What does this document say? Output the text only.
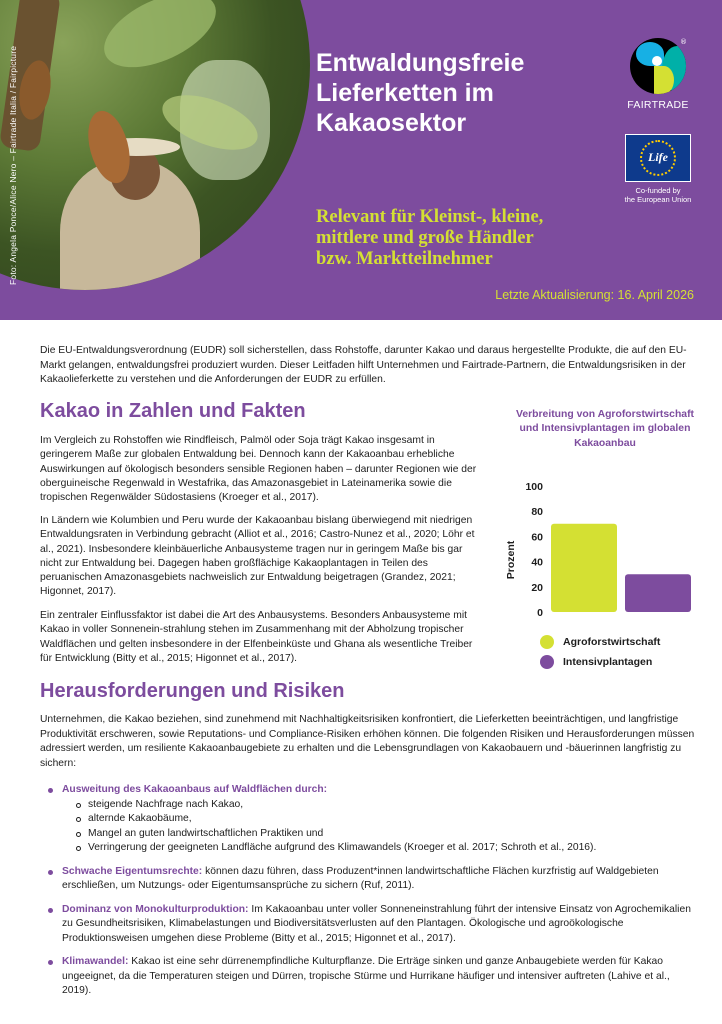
Foto: Angela Ponce/Alice Nero – Fairtrade Italia / Fairpicture	Entwaldungsfreie
Lieferketten im
Kakaosektor
Relevant für Kleinst-, kleine,
mittlere und große Händler
bzw. Marktteilnehmer
Letzte Aktualisierung: 16. April 2026
FAIRTRADE
®
Life
Co-funded by
the European Union

Die EU-Entwaldungsverordnung (EUDR) soll sicherstellen, dass Rohstoffe, darunter Kakao und daraus hergestellte Produkte, die auf den EU-Markt gelangen, entwaldungsfrei produziert wurden. Dieser Leitfaden hilft Unternehmen und Fairtrade-Partnern, die Entwaldungsrisiken in der Kakaolieferkette zu verstehen und die Anforderungen der EUDR zu erfüllen.

Kakao in Zahlen und Fakten

Im Vergleich zu Rohstoffen wie Rindfleisch, Palmöl oder Soja trägt Kakao insgesamt in geringerem Maße zur globalen Entwaldung bei. Dennoch kann der Kakaoanbau erhebliche Auswirkungen auf ökologisch besonders sensible Regionen haben – darunter Regionen wie der oberguineische Regenwald in Westafrika, das Amazonasgebiet in Lateinamerika sowie die tropischen Regenwälder Südostasiens (Kroeger et al., 2017).

In Ländern wie Kolumbien und Peru wurde der Kakaoanbau bislang überwiegend mit niedrigen Entwaldungsraten in Verbindung gebracht (Alliot et al., 2016; Castro-Nunez et al., 2020; Löhr et al., 2021). Insbesondere kleinbäuerliche Anbausysteme tragen nur in geringem Maße bis gar nicht zur Entwaldung bei. Dagegen haben großflächige Kakaoplantagen in Teilen des peruanischen Amazonasgebiets nachweislich zur Entwaldung beigetragen (Grandez, 2021; Higonnet, 2017).

Ein zentraler Einflussfaktor ist dabei die Art des Anbausystems. Besonders Anbausysteme mit Kakao in voller Sonnenein-strahlung stehen im Zusammenhang mit der Abholzung tropischer Waldflächen und gelten insbesondere in der Elfenbeinküste und Ghana als wesentliche Treiber für Entwicklung (Bitty et al., 2015; Higonnet et al., 2017).

Verbreitung von Agroforstwirtschaft und Intensivplantagen im globalen Kakaoanbau
0
20
40
60
80
100
Prozent
Agroforstwirtschaft
Intensivplantagen
Herausforderungen und Risiken

Unternehmen, die Kakao beziehen, sind zunehmend mit Nachhaltigkeitsrisiken konfrontiert, die Lieferketten beeinträchtigen, und langfristige Produktivität erschweren, sowie Reputations- und Compliance-Risiken erhöhen können. Die folgenden Risiken und Herausforderungen müssen adressiert werden, um resiliente Kakaoanbaugebiete zu erhalten und die Lebensgrundlagen von Kakaobauern und -bäuerinnen langfristig zu sichern:

Ausweitung des Kakaoanbaus auf Waldflächen durch:
steigende Nachfrage nach Kakao,
alternde Kakaobäume,
Mangel an guten landwirtschaftlichen Praktiken und
Verringerung der geeigneten Landfläche aufgrund des Klimawandels (Kroeger et al. 2017; Schroth et al., 2016).
Schwache Eigentumsrechte: können dazu führen, dass Produzent*innen landwirtschaftliche Flächen kurzfristig auf Waldgebieten erschließen, um Nutzungs- oder Eigentumsansprüche zu sichern (Ruf, 2011).
Dominanz von Monokulturproduktion: Im Kakaoanbau unter voller Sonneneinstrahlung führt der intensive Einsatz von Agrochemikalien zu Gesundheitsrisiken, Klimabelastungen und Biodiversitätsverlusten auf den Plantagen. Ökologische und agroökologische Produktionsweisen umgehen diese Probleme (Bitty et al., 2015; Higonnet et al., 2017).
Klimawandel: Kakao ist eine sehr dürrenempfindliche Kulturpflanze. Die Erträge sinken und ganze Anbaugebiete werden für Kakao ungeeignet, da die Temperaturen steigen und Dürren, tropische Stürme und Hurrikane häufiger und intensiver auftreten (Lahive et al., 2019).
